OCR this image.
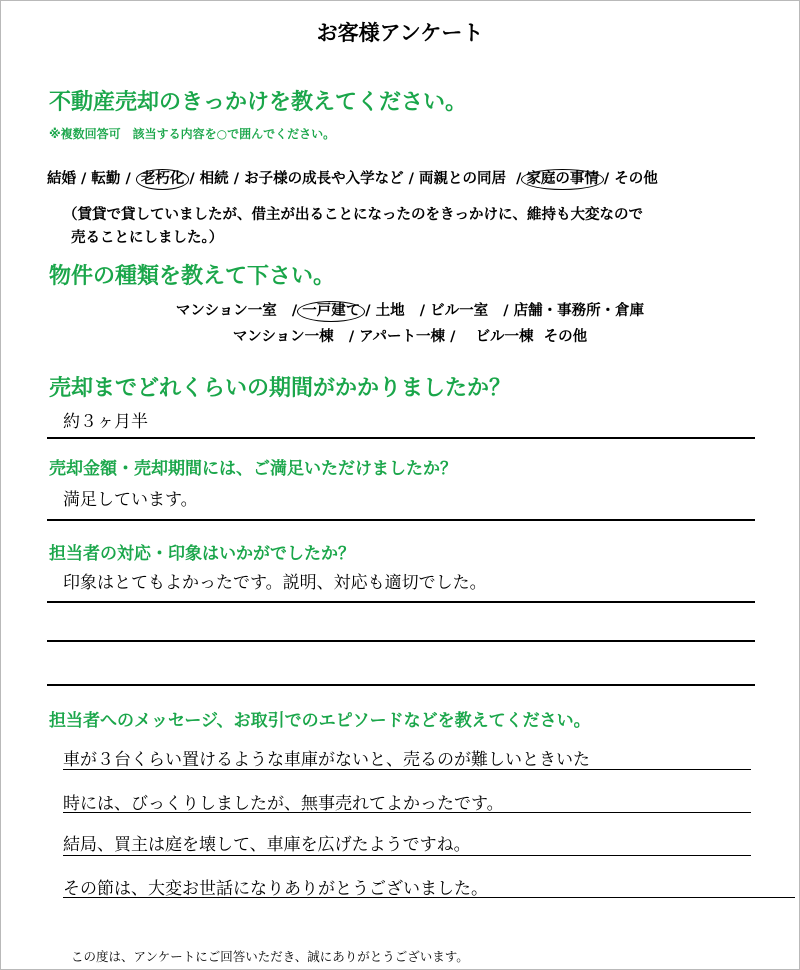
お客様アンケート
不動産売却のきっかけを教えてください。
※複数回答可　該当する内容を○で囲んでください。
結婚 / 転勤 / 老朽化 / 相続 / お子様の成長や入学など / 両親との同居  / 家庭の事情 / その他
（賃貸で貸していましたが、借主が出ることになったのをきっかけに、維持も大変なので
売ることにしました。）
物件の種類を教えて下さい。
マンション一室   / 一戸建て / 土地   / ビル一室   / 店舗・事務所・倉庫
マンション一棟   / アパート一棟 /    ビル一棟 その他
売却までどれくらいの期間がかかりましたか？
約３ヶ月半
売却金額・売却期間には、ご満足いただけましたか？
満足しています。
担当者の対応・印象はいかがでしたか？
印象はとてもよかったです。説明、対応も適切でした。
担当者へのメッセージ、お取引でのエピソードなどを教えてください。
車が３台くらい置けるような車庫がないと、売るのが難しいときいた
時には、びっくりしましたが、無事売れてよかったです。
結局、買主は庭を壊して、車庫を広げたようですね。
その節は、大変お世話になりありがとうございました。
この度は、アンケートにご回答いただき、誠にありがとうございます。
